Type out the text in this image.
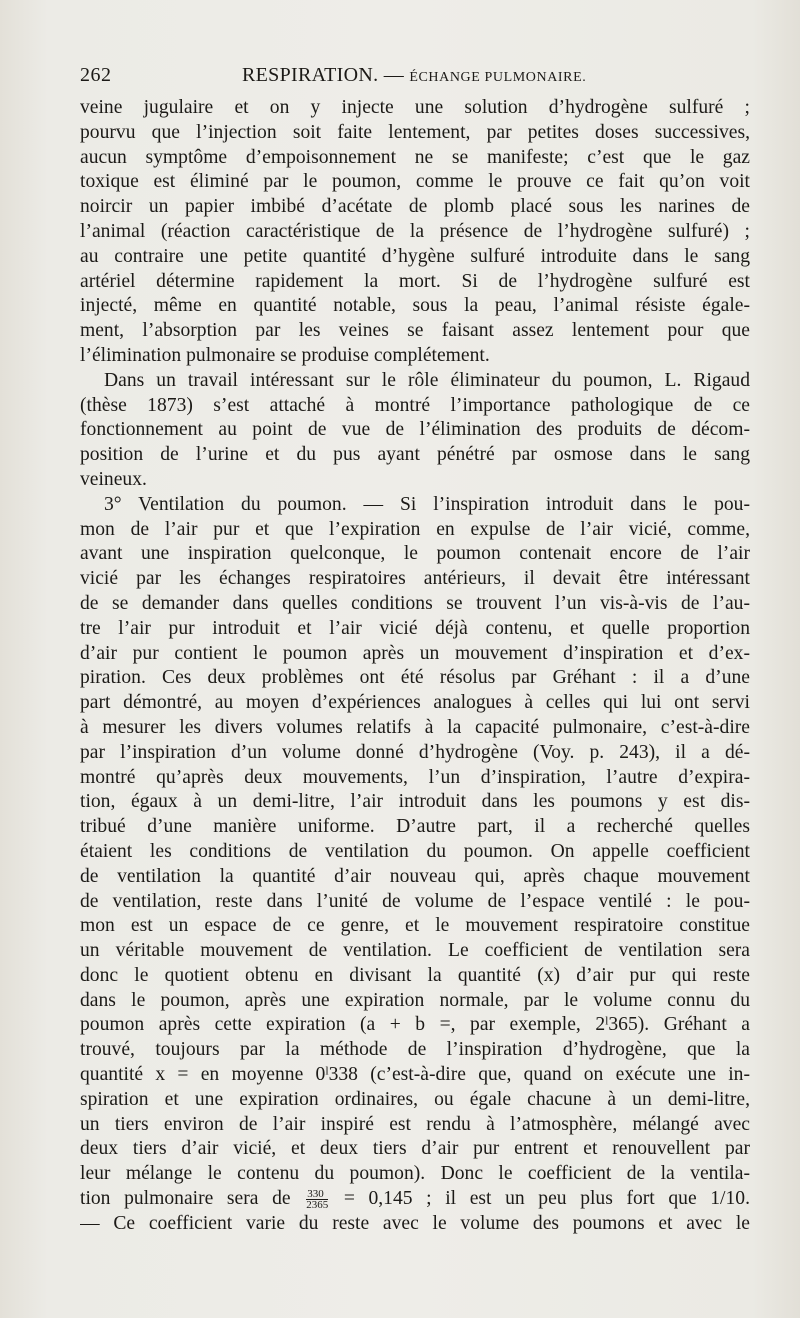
262	RESPIRATION. — ÉCHANGE PULMONAIRE.
veine jugulaire et on y injecte une solution d’hydrogène sulfuré ;
pourvu que l’injection soit faite lentement, par petites doses successives,
aucun symptôme d’empoisonnement ne se manifeste; c’est que le gaz
toxique est éliminé par le poumon, comme le prouve ce fait qu’on voit
noircir un papier imbibé d’acétate de plomb placé sous les narines de
l’animal (réaction caractéristique de la présence de l’hydrogène sulfuré) ;
au contraire une petite quantité d’hygène sulfuré introduite dans le sang
artériel détermine rapidement la mort. Si de l’hydrogène sulfuré est
injecté, même en quantité notable, sous la peau, l’animal résiste égale-
ment, l’absorption par les veines se faisant assez lentement pour que
l’élimination pulmonaire se produise complétement.
Dans un travail intéressant sur le rôle éliminateur du poumon, L. Rigaud
(thèse 1873) s’est attaché à montré l’importance pathologique de ce
fonctionnement au point de vue de l’élimination des produits de décom-
position de l’urine et du pus ayant pénétré par osmose dans le sang
veineux.
3° Ventilation du poumon. — Si l’inspiration introduit dans le pou-
mon de l’air pur et que l’expiration en expulse de l’air vicié, comme,
avant une inspiration quelconque, le poumon contenait encore de l’air
vicié par les échanges respiratoires antérieurs, il devait être intéressant
de se demander dans quelles conditions se trouvent l’un vis-à-vis de l’au-
tre l’air pur introduit et l’air vicié déjà contenu, et quelle proportion
d’air pur contient le poumon après un mouvement d’inspiration et d’ex-
piration. Ces deux problèmes ont été résolus par Gréhant : il a d’une
part démontré, au moyen d’expériences analogues à celles qui lui ont servi
à mesurer les divers volumes relatifs à la capacité pulmonaire, c’est-à-dire
par l’inspiration d’un volume donné d’hydrogène (Voy. p. 243), il a dé-
montré qu’après deux mouvements, l’un d’inspiration, l’autre d’expira-
tion, égaux à un demi-litre, l’air introduit dans les poumons y est dis-
tribué d’une manière uniforme. D’autre part, il a recherché quelles
étaient les conditions de ventilation du poumon. On appelle coefficient
de ventilation la quantité d’air nouveau qui, après chaque mouvement
de ventilation, reste dans l’unité de volume de l’espace ventilé : le pou-
mon est un espace de ce genre, et le mouvement respiratoire constitue
un véritable mouvement de ventilation. Le coefficient de ventilation sera
donc le quotient obtenu en divisant la quantité (x) d’air pur qui reste
dans le poumon, après une expiration normale, par le volume connu du
poumon après cette expiration (a + b =, par exemple, 2ˡ365). Gréhant a
trouvé, toujours par la méthode de l’inspiration d’hydrogène, que la
quantité x = en moyenne 0ˡ338 (c’est-à-dire que, quand on exécute une in-
spiration et une expiration ordinaires, ou égale chacune à un demi-litre,
un tiers environ de l’air inspiré est rendu à l’atmosphère, mélangé avec
deux tiers d’air vicié, et deux tiers d’air pur entrent et renouvellent par
leur mélange le contenu du poumon). Donc le coefficient de la ventila-
tion pulmonaire sera de $\frac{330}{2365} = 0,145$ ; il est un peu plus fort que 1/10.
— Ce coefficient varie du reste avec le volume des poumons et avec le
